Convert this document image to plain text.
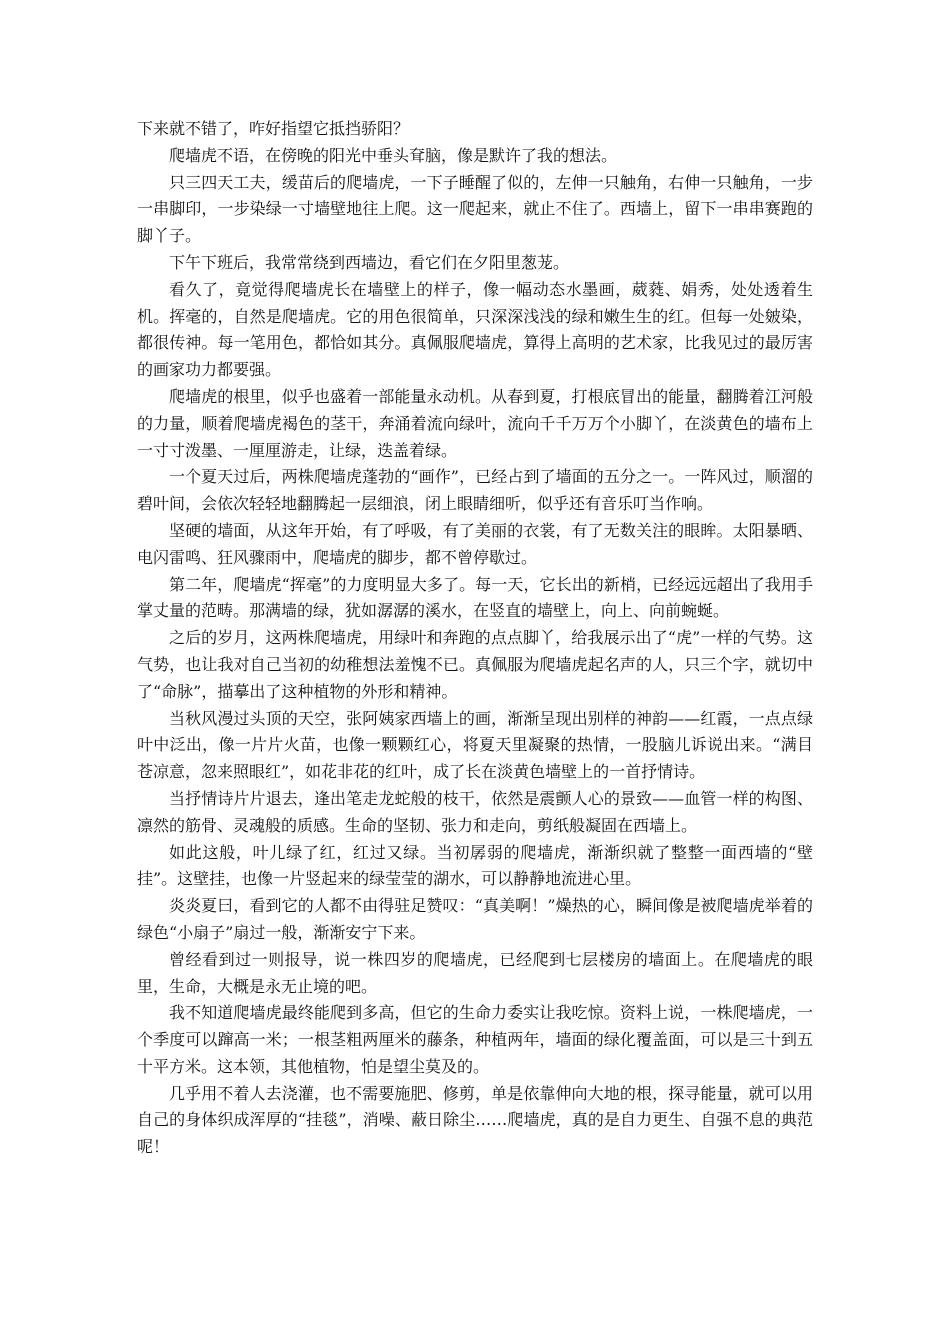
下来就不错了，咋好指望它抵挡骄阳？

爬墙虎不语，在傍晚的阳光中垂头耷脑，像是默许了我的想法。

只三四天工夫，缓苗后的爬墙虎，一下子睡醒了似的，左伸一只触角，右伸一只触角，一步一串脚印，一步染绿一寸墙壁地往上爬。这一爬起来，就止不住了。西墙上，留下一串串赛跑的脚丫子。

下午下班后，我常常绕到西墙边，看它们在夕阳里葱茏。

看久了，竟觉得爬墙虎长在墙壁上的样子，像一幅动态水墨画，葳蕤、娟秀，处处透着生机。挥毫的，自然是爬墙虎。它的用色很简单，只深深浅浅的绿和嫩生生的红。但每一处皴染，都很传神。每一笔用色，都恰如其分。真佩服爬墙虎，算得上高明的艺术家，比我见过的最厉害的画家功力都要强。

爬墙虎的根里，似乎也盛着一部能量永动机。从春到夏，打根底冒出的能量，翻腾着江河般的力量，顺着爬墙虎褐色的茎干，奔涌着流向绿叶，流向千千万万个小脚丫，在淡黄色的墙布上一寸寸泼墨、一厘厘游走，让绿，迭盖着绿。

一个夏天过后，两株爬墙虎蓬勃的“画作”，已经占到了墙面的五分之一。一阵风过，顺溜的碧叶间，会依次轻轻地翻腾起一层细浪，闭上眼睛细听，似乎还有音乐叮当作响。

坚硬的墙面，从这年开始，有了呼吸，有了美丽的衣裳，有了无数关注的眼眸。太阳暴晒、电闪雷鸣、狂风骤雨中，爬墙虎的脚步，都不曾停歇过。

第二年，爬墙虎“挥毫”的力度明显大多了。每一天，它长出的新梢，已经远远超出了我用手掌丈量的范畴。那满墙的绿，犹如潺潺的溪水，在竖直的墙壁上，向上、向前蜿蜒。

之后的岁月，这两株爬墙虎，用绿叶和奔跑的点点脚丫，给我展示出了“虎”一样的气势。这气势，也让我对自己当初的幼稚想法羞愧不已。真佩服为爬墙虎起名声的人，只三个字，就切中了“命脉”，描摹出了这种植物的外形和精神。

当秋风漫过头顶的天空，张阿姨家西墙上的画，渐渐呈现出别样的神韵——红霞，一点点绿叶中泛出，像一片片火苗，也像一颗颗红心，将夏天里凝聚的热情，一股脑儿诉说出来。“满目苍凉意，忽来照眼红”，如花非花的红叶，成了长在淡黄色墙壁上的一首抒情诗。

当抒情诗片片退去，逢出笔走龙蛇般的枝干，依然是震颤人心的景致——血管一样的构图、凛然的筋骨、灵魂般的质感。生命的坚韧、张力和走向，剪纸般凝固在西墙上。

如此这般，叶儿绿了红，红过又绿。当初孱弱的爬墙虎，渐渐织就了整整一面西墙的“壁挂”。这壁挂，也像一片竖起来的绿莹莹的湖水，可以静静地流进心里。

炎炎夏曰，看到它的人都不由得驻足赞叹：“真美啊！”燥热的心，瞬间像是被爬墙虎举着的绿色“小扇子”扇过一般，渐渐安宁下来。

曾经看到过一则报导，说一株四岁的爬墙虎，已经爬到七层楼房的墙面上。在爬墙虎的眼里，生命，大概是永无止境的吧。

我不知道爬墙虎最终能爬到多高，但它的生命力委实让我吃惊。资料上说，一株爬墙虎，一个季度可以蹿高一米；一根茎粗两厘米的藤条，种植两年，墙面的绿化覆盖面，可以是三十到五十平方米。这本领，其他植物，怕是望尘莫及的。

几乎用不着人去浇灌，也不需要施肥、修剪，单是依靠伸向大地的根，探寻能量，就可以用自己的身体织成浑厚的“挂毯”，消噪、蔽日除尘……爬墙虎，真的是自力更生、自强不息的典范呢！
